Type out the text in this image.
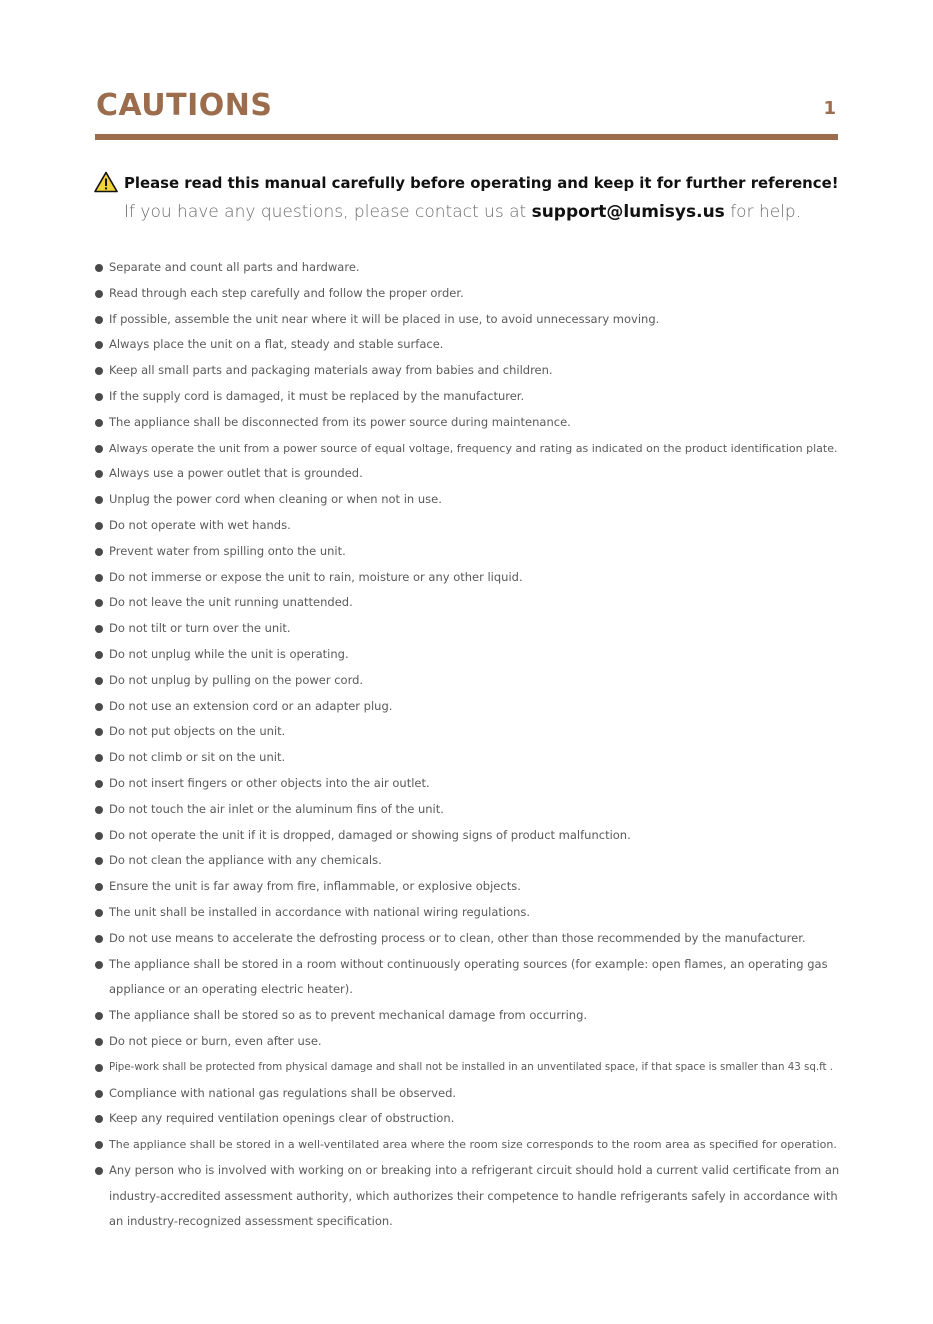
CAUTIONS	1
Please read this manual carefully before operating and keep it for further reference!
If you have any questions, please contact us at support@lumisys.us for help.
Separate and count all parts and hardware.
Read through each step carefully and follow the proper order.
If possible, assemble the unit near where it will be placed in use, to avoid unnecessary moving.
Always place the unit on a flat, steady and stable surface.
Keep all small parts and packaging materials away from babies and children.
If the supply cord is damaged, it must be replaced by the manufacturer.
The appliance shall be disconnected from its power source during maintenance.
Always operate the unit from a power source of equal voltage, frequency and rating as indicated on the product identification plate.
Always use a power outlet that is grounded.
Unplug the power cord when cleaning or when not in use.
Do not operate with wet hands.
Prevent water from spilling onto the unit.
Do not immerse or expose the unit to rain, moisture or any other liquid.
Do not leave the unit running unattended.
Do not tilt or turn over the unit.
Do not unplug while the unit is operating.
Do not unplug by pulling on the power cord.
Do not use an extension cord or an adapter plug.
Do not put objects on the unit.
Do not climb or sit on the unit.
Do not insert fingers or other objects into the air outlet.
Do not touch the air inlet or the aluminum fins of the unit.
Do not operate the unit if it is dropped, damaged or showing signs of product malfunction.
Do not clean the appliance with any chemicals.
Ensure the unit is far away from fire, inflammable, or explosive objects.
The unit shall be installed in accordance with national wiring regulations.
Do not use means to accelerate the defrosting process or to clean, other than those recommended by the manufacturer.
The appliance shall be stored in a room without continuously operating sources (for example: open flames, an operating gas appliance or an operating electric heater).
The appliance shall be stored so as to prevent mechanical damage from occurring.
Do not piece or burn, even after use.
Pipe-work shall be protected from physical damage and shall not be installed in an unventilated space, if that space is smaller than 43 sq.ft .
Compliance with national gas regulations shall be observed.
Keep any required ventilation openings clear of obstruction.
The appliance shall be stored in a well-ventilated area where the room size corresponds to the room area as specified for operation.
Any person who is involved with working on or breaking into a refrigerant circuit should hold a current valid certificate from an industry-accredited assessment authority, which authorizes their competence to handle refrigerants safely in accordance with an industry-recognized assessment specification.
